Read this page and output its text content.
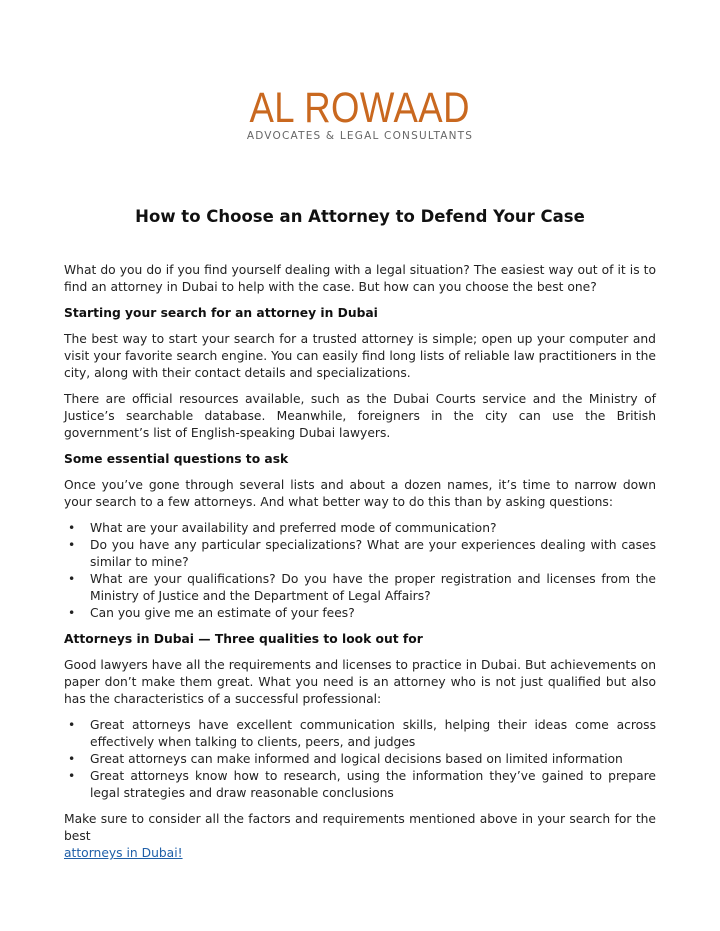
AL ROWAAD
ADVOCATES & LEGAL CONSULTANTS
How to Choose an Attorney to Defend Your Case

What do you do if you find yourself dealing with a legal situation? The easiest way out of it is to find an attorney in Dubai to help with the case. But how can you choose the best one?

Starting your search for an attorney in Dubai

The best way to start your search for a trusted attorney is simple; open up your computer and visit your favorite search engine. You can easily find long lists of reliable law practitioners in the city, along with their contact details and specializations.

There are official resources available, such as the Dubai Courts service and the Ministry of Justice’s searchable database. Meanwhile, foreigners in the city can use the British government’s list of English-speaking Dubai lawyers.

Some essential questions to ask

Once you’ve gone through several lists and about a dozen names, it’s time to narrow down your search to a few attorneys. And what better way to do this than by asking questions:

• What are your availability and preferred mode of communication?
• Do you have any particular specializations? What are your experiences dealing with cases similar to mine?
• What are your qualifications? Do you have the proper registration and licenses from the Ministry of Justice and the Department of Legal Affairs?
• Can you give me an estimate of your fees?
Attorneys in Dubai — Three qualities to look out for

Good lawyers have all the requirements and licenses to practice in Dubai. But achievements on paper don’t make them great. What you need is an attorney who is not just qualified but also has the characteristics of a successful professional:

• Great attorneys have excellent communication skills, helping their ideas come across effectively when talking to clients, peers, and judges
• Great attorneys can make informed and logical decisions based on limited information
• Great attorneys know how to research, using the information they’ve gained to prepare legal strategies and draw reasonable conclusions

Make sure to consider all the factors and requirements mentioned above in your search for the best
attorneys in Dubai!
